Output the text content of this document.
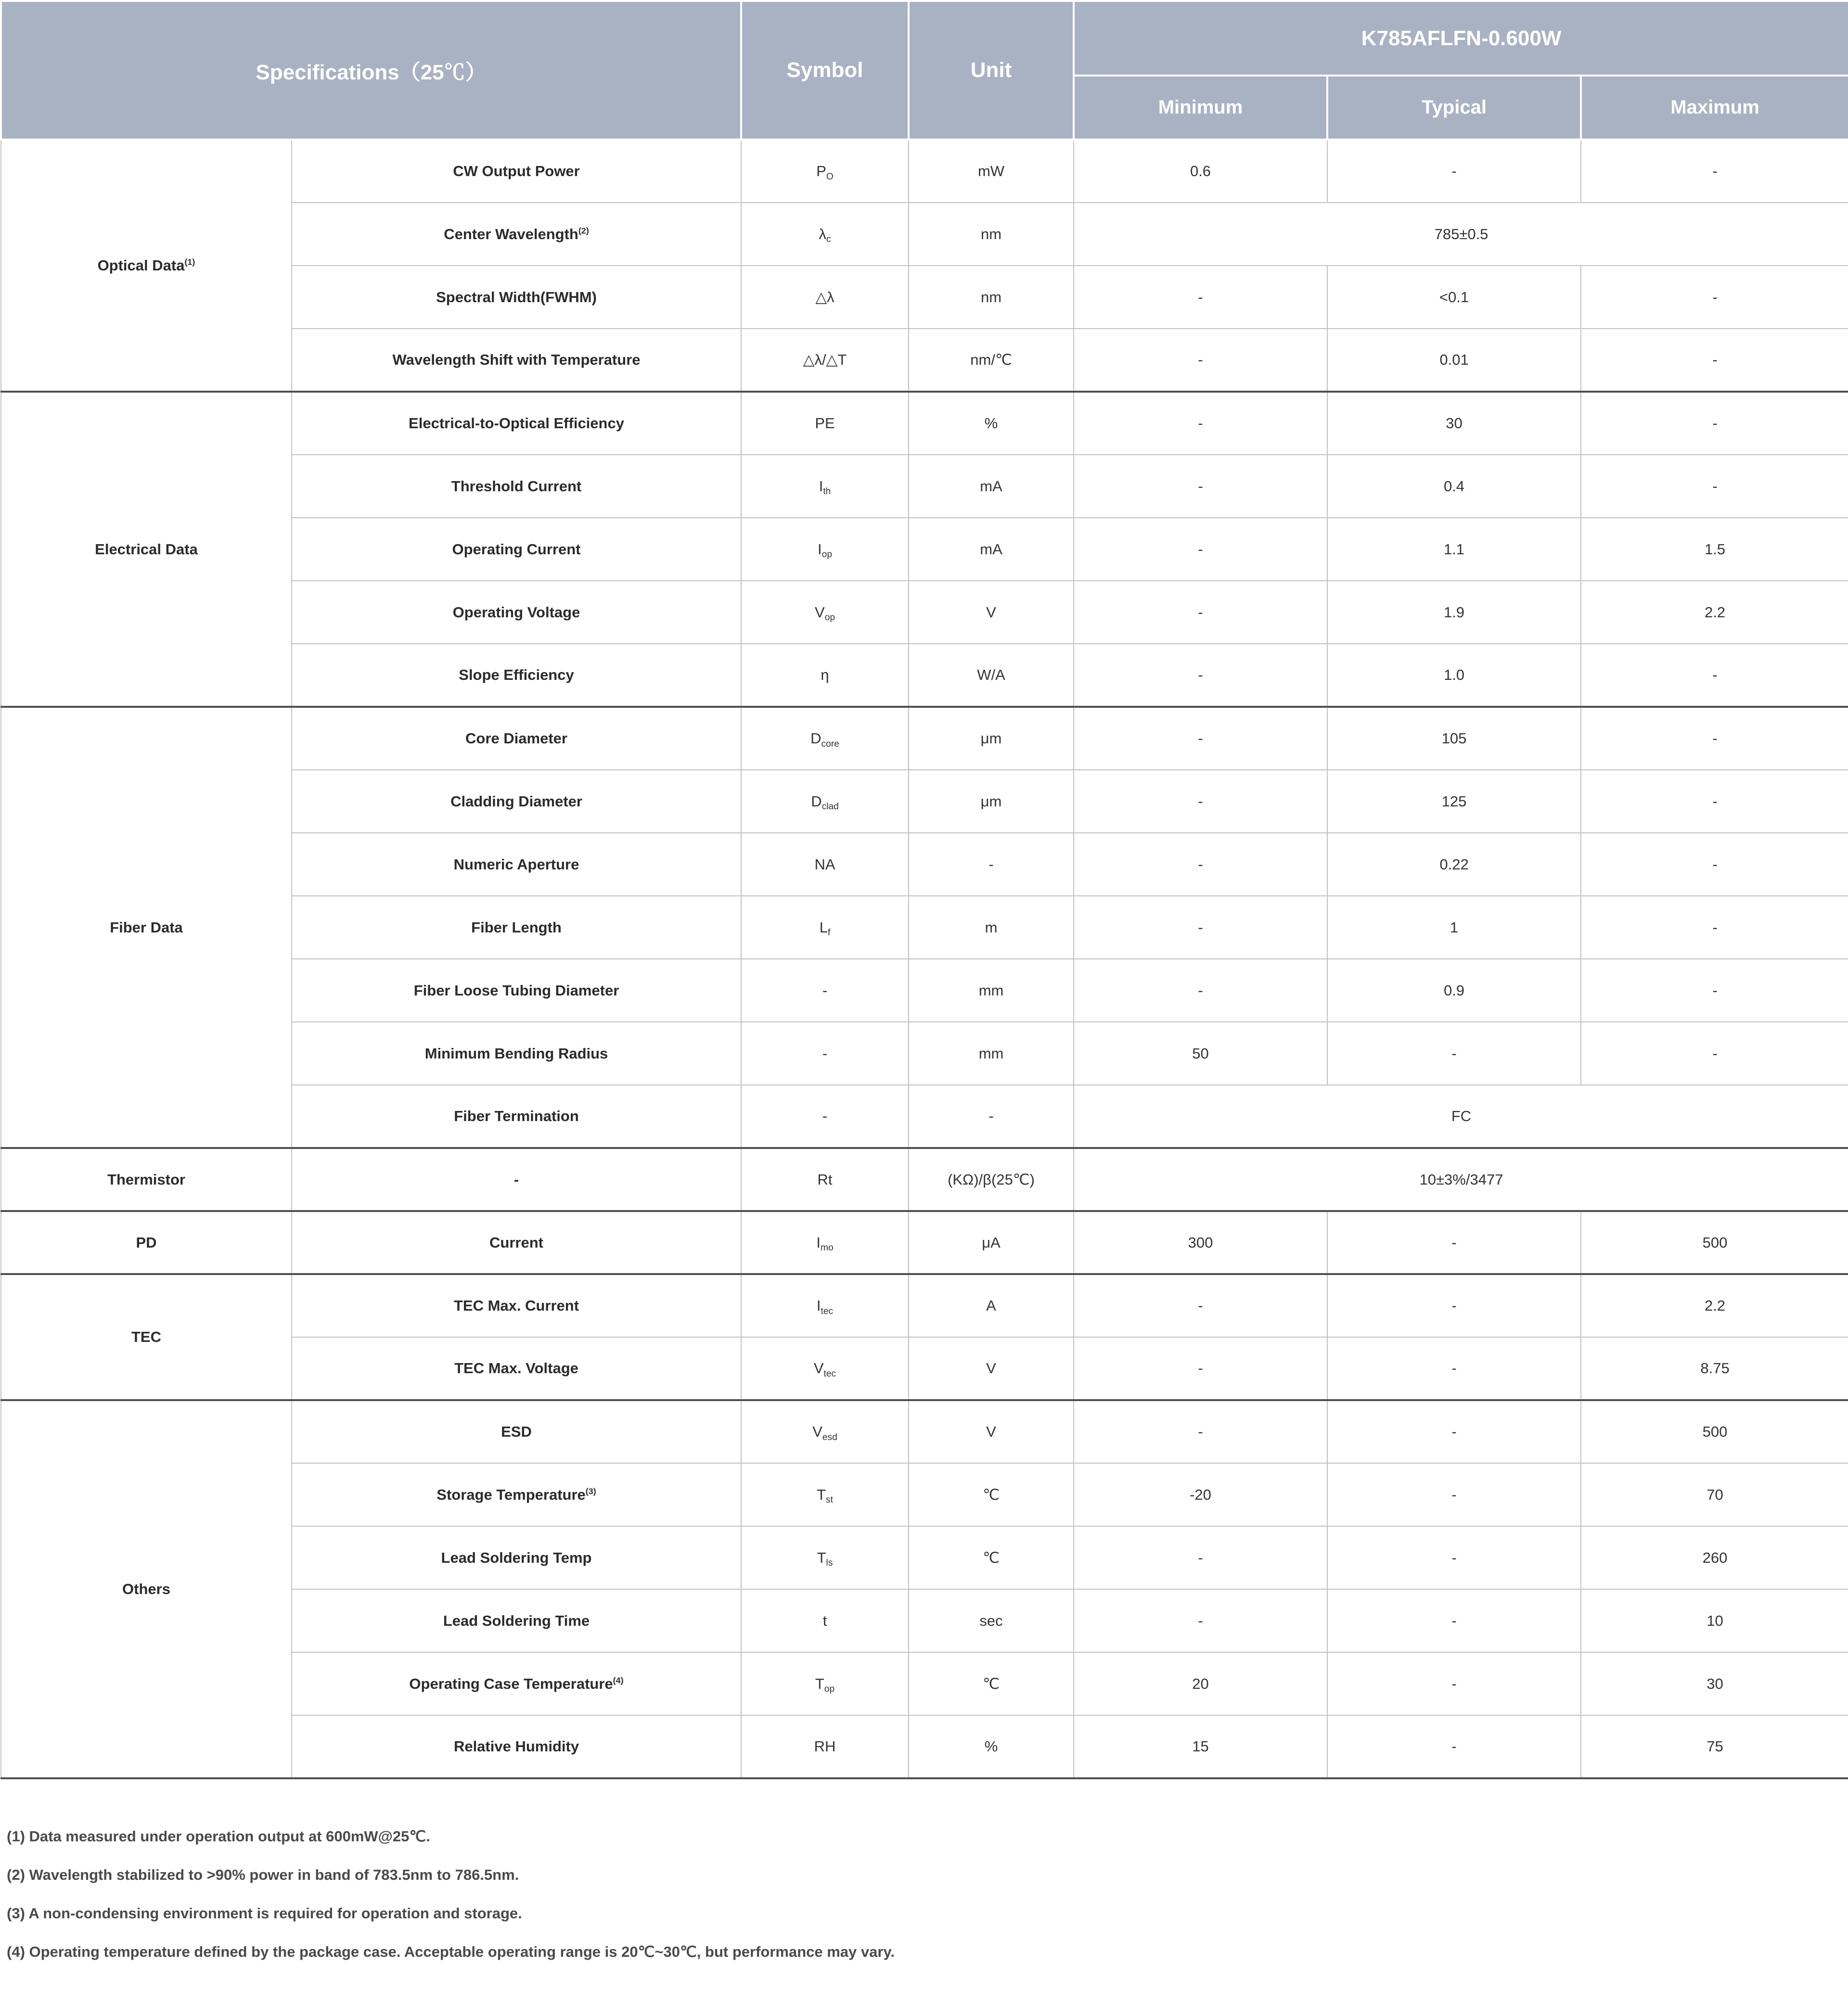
Specifications（25℃）		Symbol	Unit	K785AFLFN-0.600W		
				Minimum	Typical	Maximum
Optical Data$^{(1)}$	CW Output Power	$P_O$	mW	0.6	-	-
	Center Wavelength$^{(2)}$	$\lambda_c$	nm	785±0.5		
	Spectral Width(FWHM)	△λ	nm	-	<0.1	-
	Wavelength Shift with Temperature	△λ/△T	nm/℃	-	0.01	-
Electrical Data	Electrical-to-Optical Efficiency	PE	%	-	30	-
	Threshold Current	$I_{th}$	mA	-	0.4	-
	Operating Current	$I_{op}$	mA	-	1.1	1.5
	Operating Voltage	$V_{op}$	V	-	1.9	2.2
	Slope Efficiency	η	W/A	-	1.0	-
Fiber Data	Core Diameter	$D_{core}$	μm	-	105	-
	Cladding Diameter	$D_{clad}$	μm	-	125	-
	Numeric Aperture	NA	-	-	0.22	-
	Fiber Length	$L_f$	m	-	1	-
	Fiber Loose Tubing Diameter	-	mm	-	0.9	-
	Minimum Bending Radius	-	mm	50	-	-
	Fiber Termination	-	-	FC		
Thermistor	-	Rt	(KΩ)/β(25℃)	10±3%/3477		
PD	Current	$I_{mo}$	μA	300	-	500
TEC	TEC Max. Current	$I_{tec}$	A	-	-	2.2
	TEC Max. Voltage	$V_{tec}$	V	-	-	8.75
Others	ESD	$V_{esd}$	V	-	-	500
	Storage Temperature$^{(3)}$	$T_{st}$	℃	-20	-	70
	Lead Soldering Temp	$T_{ls}$	℃	-	-	260
	Lead Soldering Time	t	sec	-	-	10
	Operating Case Temperature$^{(4)}$	$T_{op}$	℃	20	-	30
	Relative Humidity	RH	%	15	-	75

(1) Data measured under operation output at 600mW@25℃.

(2) Wavelength stabilized to >90% power in band of 783.5nm to 786.5nm.

(3) A non-condensing environment is required for operation and storage.

(4) Operating temperature defined by the package case. Acceptable operating range is 20℃~30℃, but performance may vary.
